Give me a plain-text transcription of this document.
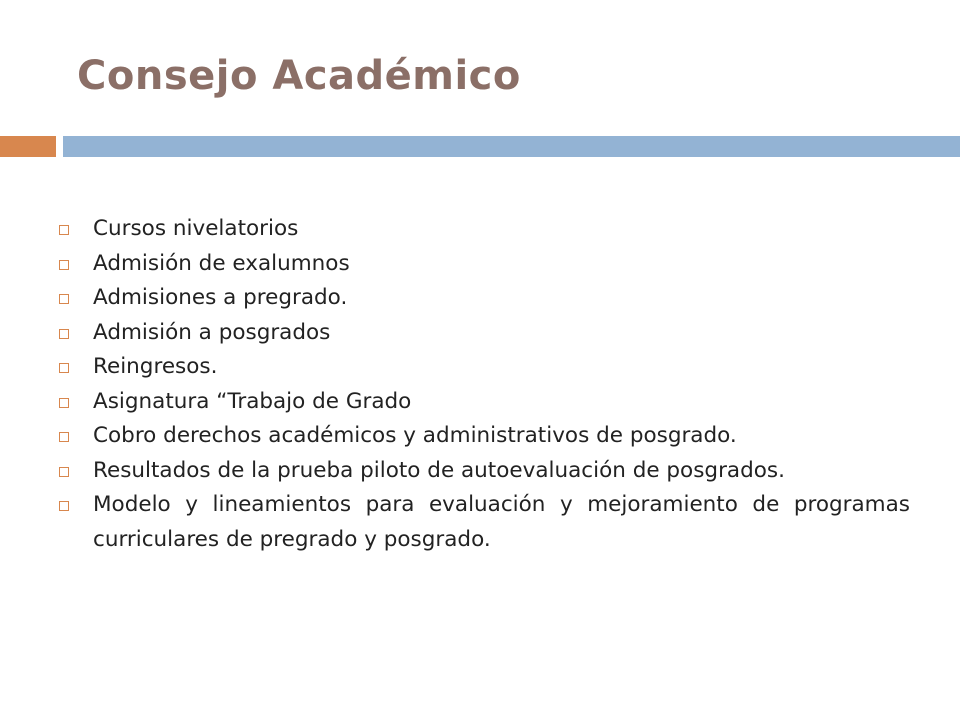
Consejo Académico
Cursos nivelatorios
Admisión de exalumnos
Admisiones a pregrado.
Admisión a posgrados
Reingresos.
Asignatura “Trabajo de Grado
Cobro derechos académicos y administrativos de posgrado.
Resultados de la prueba piloto de autoevaluación de posgrados.
Modelo y lineamientos para evaluación y mejoramiento de programas curriculares de pregrado y posgrado.
